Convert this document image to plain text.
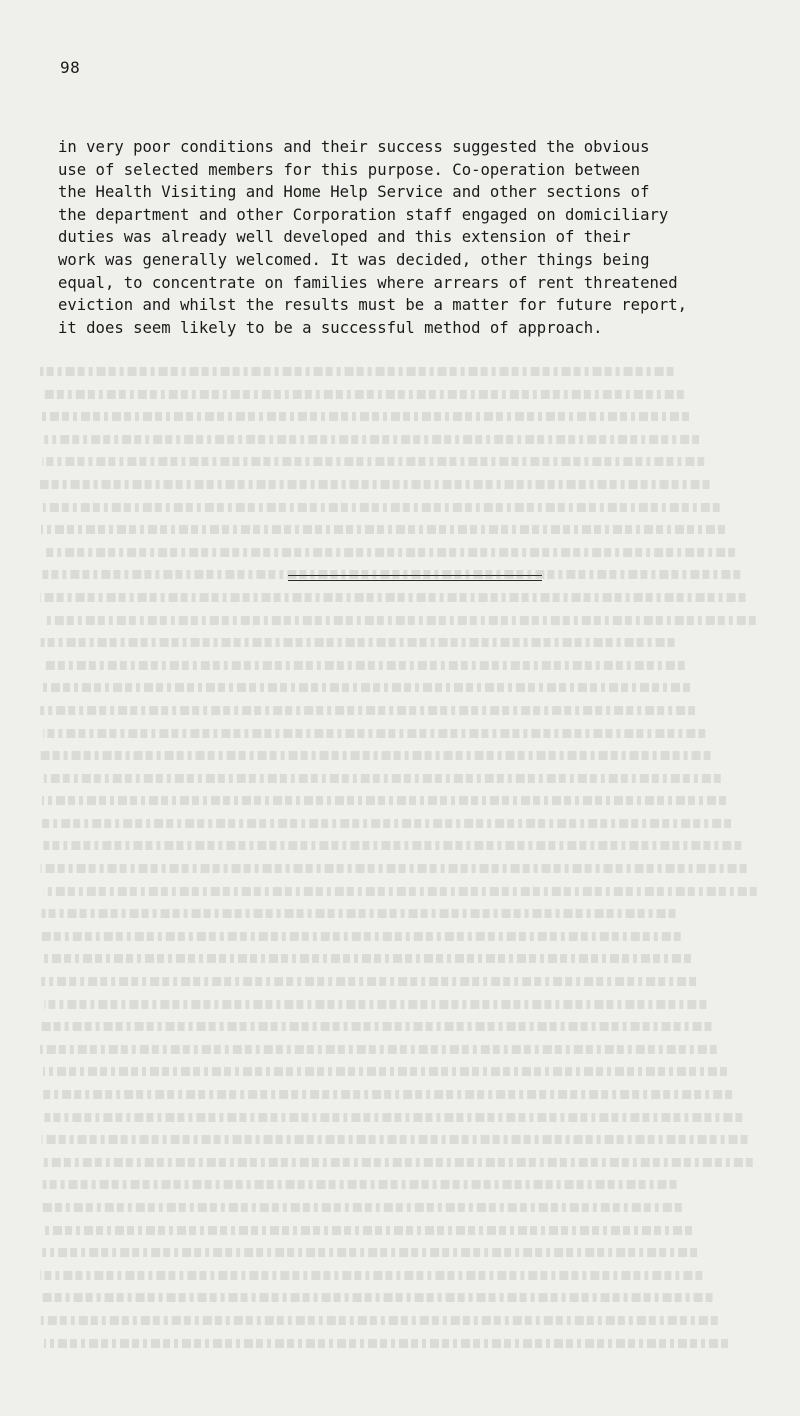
98
in very poor conditions and their success suggested the obvious
use of selected members for this purpose. Co-operation between
the Health Visiting and Home Help Service and other sections of
the department and other Corporation staff engaged on domiciliary
duties was already well developed and this extension of their
work was generally welcomed. It was decided, other things being
equal, to concentrate on families where arrears of rent threatened
eviction and whilst the results must be a matter for future report,
it does seem likely to be a successful method of approach.
